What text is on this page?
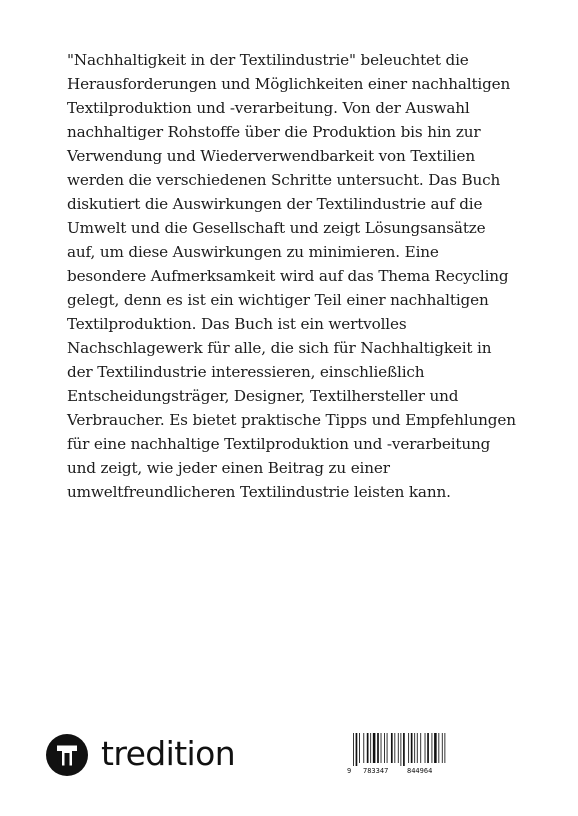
"Nachhaltigkeit in der Textilindustrie" beleuchtet die
Herausforderungen und Möglichkeiten einer nachhaltigen
Textilproduktion und -verarbeitung. Von der Auswahl
nachhaltiger Rohstoffe über die Produktion bis hin zur
Verwendung und Wiederverwendbarkeit von Textilien
werden die verschiedenen Schritte untersucht. Das Buch
diskutiert die Auswirkungen der Textilindustrie auf die
Umwelt und die Gesellschaft und zeigt Lösungsansätze
auf, um diese Auswirkungen zu minimieren. Eine
besondere Aufmerksamkeit wird auf das Thema Recycling
gelegt, denn es ist ein wichtiger Teil einer nachhaltigen
Textilproduktion. Das Buch ist ein wertvolles
Nachschlagewerk für alle, die sich für Nachhaltigkeit in
der Textilindustrie interessieren, einschließlich
Entscheidungsträger, Designer, Textilhersteller und
Verbraucher. Es bietet praktische Tipps und Empfehlungen
für eine nachhaltige Textilproduktion und -verarbeitung
und zeigt, wie jeder einen Beitrag zu einer
umweltfreundlicheren Textilindustrie leisten kann.

tredition	9 783347	844964
